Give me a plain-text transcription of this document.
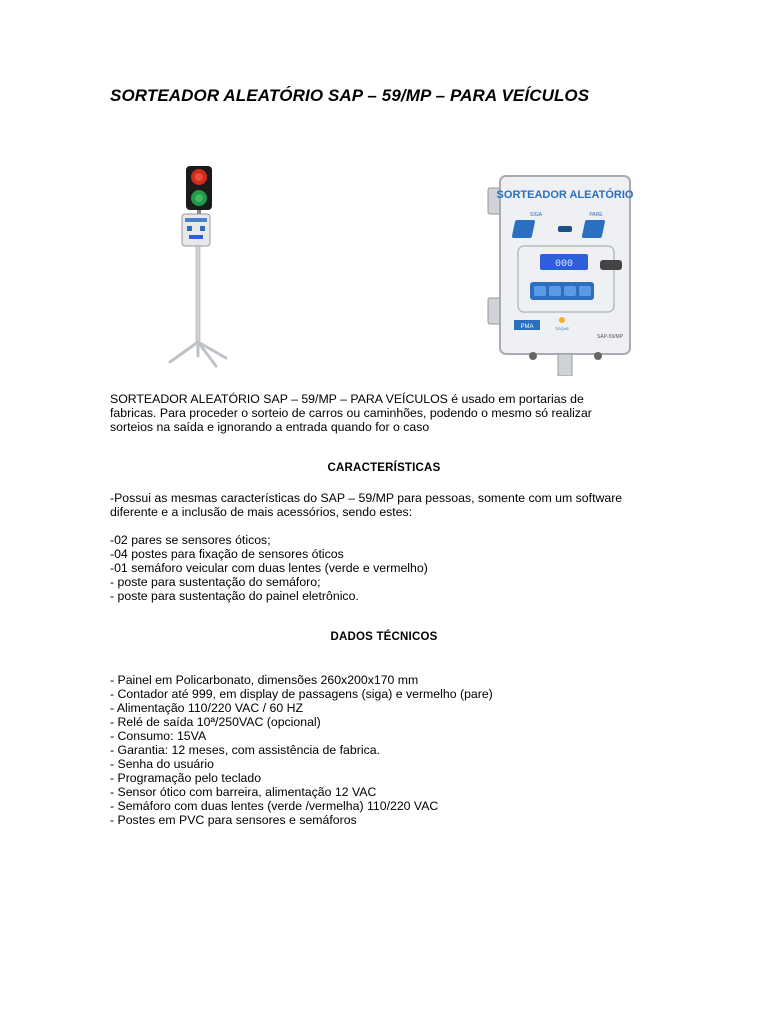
SORTEADOR ALEATÓRIO SAP – 59/MP – PARA VEÍCULOS
SORTEADOR ALEATÓRIO
SIGA	PARE
000
TOQUE
PMA
SAP-59/MP
SORTEADOR ALEATÓRIO SAP – 59/MP – PARA VEÍCULOS é usado em portarias de
fabricas. Para proceder o sorteio de carros ou caminhões, podendo o mesmo só realizar
sorteios na saída e ignorando a entrada quando for o caso
CARACTERÍSTICAS
-Possui as mesmas características do SAP – 59/MP para pessoas, somente com um software
diferente e a inclusão de mais acessórios, sendo estes:
-02 pares se sensores óticos;
-04 postes para fixação de sensores óticos
-01 semáforo veicular com duas lentes (verde e vermelho)
- poste para sustentação do semáforo;
- poste para sustentação do painel eletrônico.
DADOS TÉCNICOS
- Painel em Policarbonato, dimensões 260x200x170 mm
- Contador até 999, em display de passagens (siga) e vermelho (pare)
- Alimentação 110/220 VAC / 60 HZ
- Relé de saída 10ª/250VAC (opcional)
- Consumo: 15VA
- Garantia: 12 meses, com assistência de fabrica.
- Senha do usuário
- Programação pelo teclado
- Sensor ótico com barreira, alimentação 12 VAC
- Semáforo com duas lentes (verde /vermelha) 110/220 VAC
- Postes em PVC para sensores e semáforos
